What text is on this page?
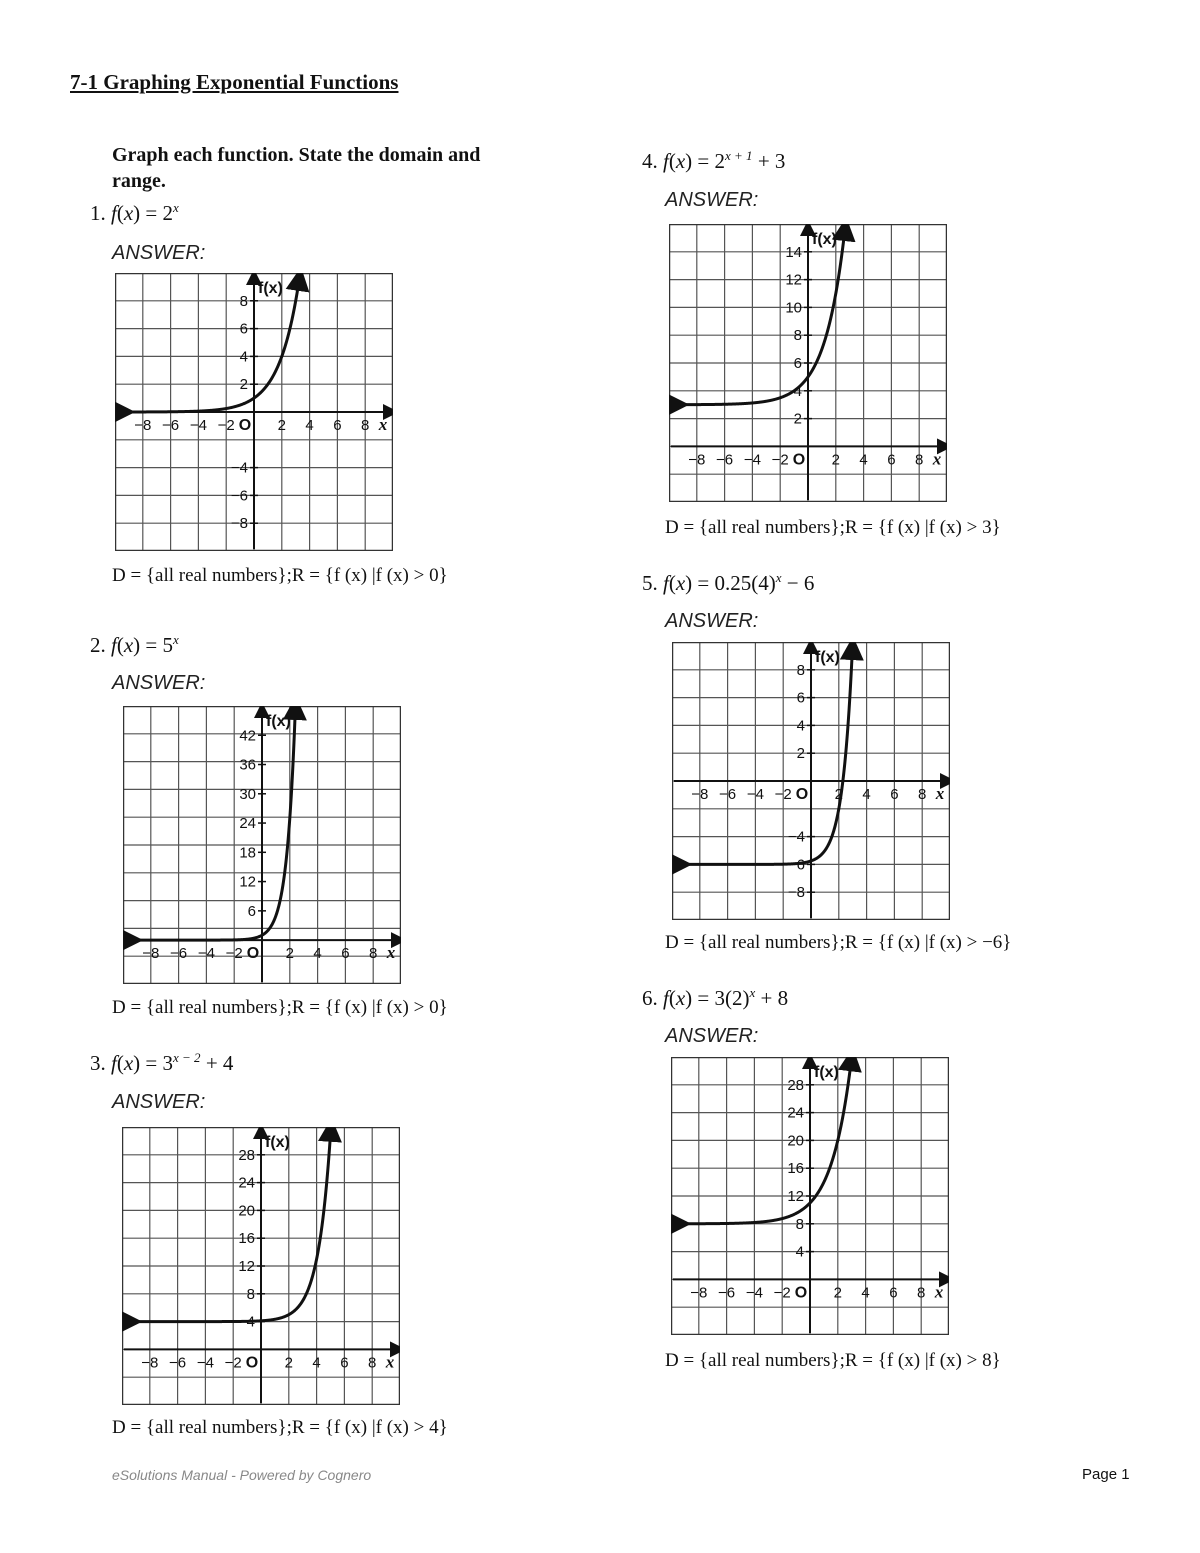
7-1 Graphing Exponential Functions
Graph each function. State the domain and range.
1. $f(x) = 2^x$
ANSWER:
−8 −6 −4 −2	2 4 6 8
O	x
8
6
4
2
−4
−6
−8
f(x)
D = {all real numbers};R = {f (x) |f (x) > 0}
2. $f(x) = 5^x$
ANSWER:
−8 −6 −4 −2	2 4 6 8
O	x
42
36
30
24
18
12
6
f(x)
D = {all real numbers};R = {f (x) |f (x) > 0}
3. $f(x) = 3^{x - 2} + 4$
ANSWER:
−8 −6 −4 −2	2 4 6 8
O	x
28
24
20
16
12
8
4
f(x)
D = {all real numbers};R = {f (x) |f (x) > 4}
4. $f(x) = 2^{x + 1} + 3$
ANSWER:
−8 −6 −4 −2	2 4 6 8
O	x
14
12
10
8
6
4
2
f(x)
D = {all real numbers};R = {f (x) |f (x) > 3}
5. $f(x) = 0.25(4)^x - 6$
ANSWER:
−8 −6 −4 −2	2 4 6 8
O	x
8
6
4
2
−4
−6
−8
f(x)
D = {all real numbers};R = {f (x) |f (x) > −6}
6. $f(x) = 3(2)^x + 8$
ANSWER:
−8 −6 −4 −2	2 4 6 8
O	x
28
24
20
16
12
8
4
f(x)
D = {all real numbers};R = {f (x) |f (x) > 8}
eSolutions Manual - Powered by Cognero	Page 1
